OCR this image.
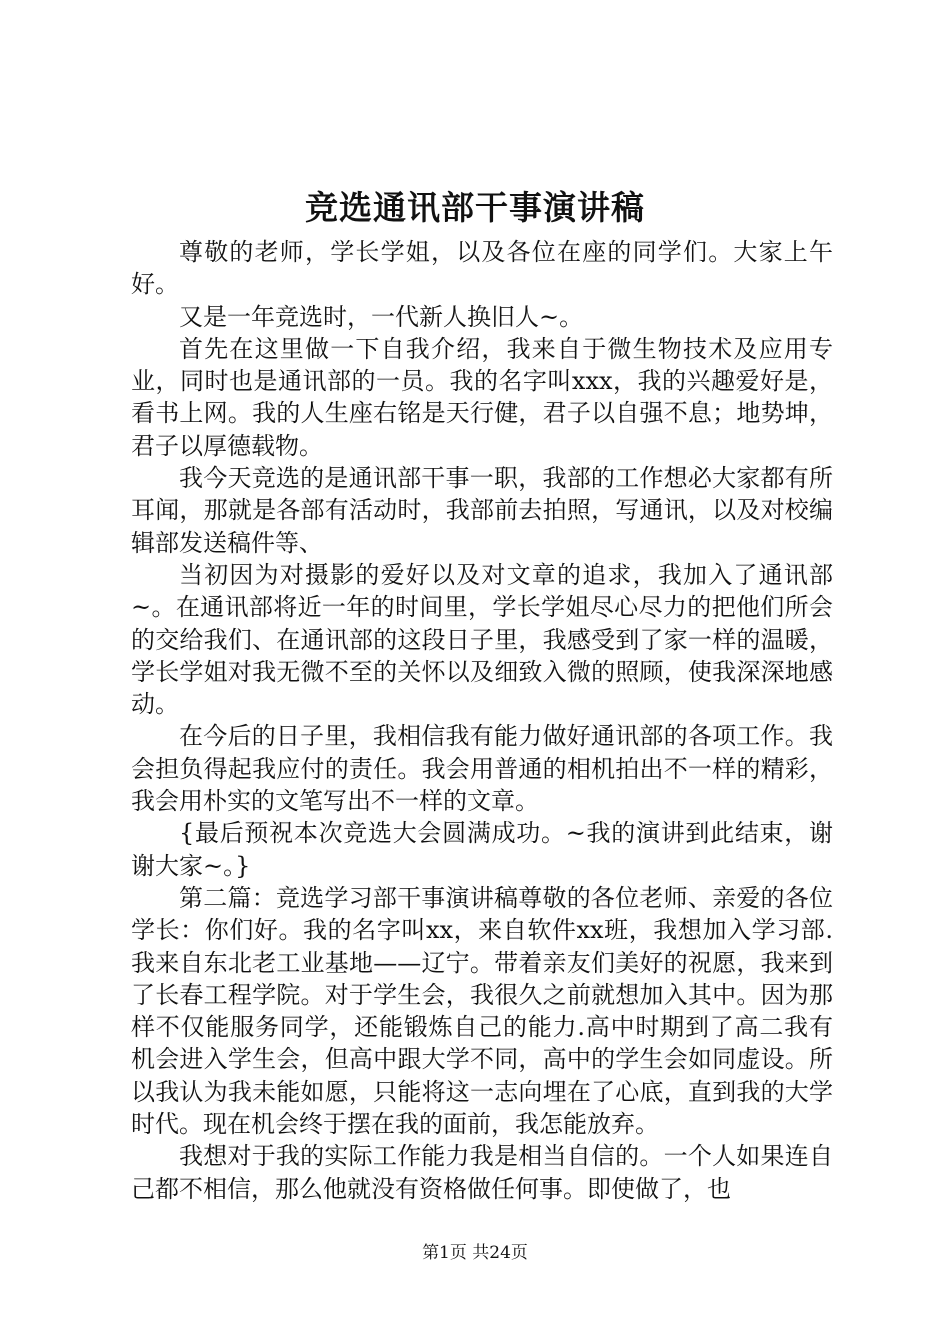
竞选通讯部干事演讲稿

尊敬的老师，学长学姐，以及各位在座的同学们。大家上午好。

又是一年竞选时，一代新人换旧人~。

首先在这里做一下自我介绍，我来自于微生物技术及应用专业，同时也是通讯部的一员。我的名字叫xxx，我的兴趣爱好是，看书上网。我的人生座右铭是天行健，君子以自强不息；地势坤，君子以厚德载物。

我今天竞选的是通讯部干事一职，我部的工作想必大家都有所耳闻，那就是各部有活动时，我部前去拍照，写通讯，以及对校编辑部发送稿件等、

当初因为对摄影的爱好以及对文章的追求，我加入了通讯部~。在通讯部将近一年的时间里，学长学姐尽心尽力的把他们所会的交给我们、在通讯部的这段日子里，我感受到了家一样的温暖，学长学姐对我无微不至的关怀以及细致入微的照顾，使我深深地感动。

在今后的日子里，我相信我有能力做好通讯部的各项工作。我会担负得起我应付的责任。我会用普通的相机拍出不一样的精彩，我会用朴实的文笔写出不一样的文章。

{最后预祝本次竞选大会圆满成功。~我的演讲到此结束，谢谢大家~。}

第二篇：竞选学习部干事演讲稿尊敬的各位老师、亲爱的各位学长：你们好。我的名字叫xx，来自软件xx班，我想加入学习部.我来自东北老工业基地——辽宁。带着亲友们美好的祝愿，我来到了长春工程学院。对于学生会，我很久之前就想加入其中。因为那样不仅能服务同学，还能锻炼自己的能力.高中时期到了高二我有机会进入学生会，但高中跟大学不同，高中的学生会如同虚设。所以我认为我未能如愿，只能将这一志向埋在了心底，直到我的大学时代。现在机会终于摆在我的面前，我怎能放弃。

我想对于我的实际工作能力我是相当自信的。一个人如果连自己都不相信，那么他就没有资格做任何事。即使做了，也

第1页 共24页
